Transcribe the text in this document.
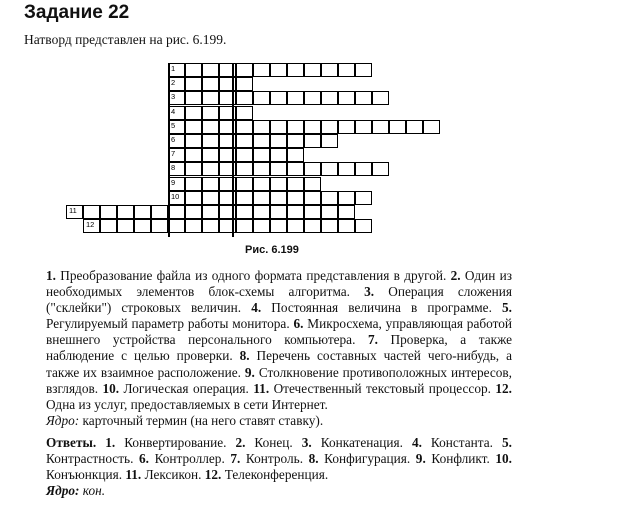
Задание 22
Натворд представлен на рис. 6.199.
1
2
3
4
5
6
7
8
9
10
11
12
Рис. 6.199

1. Преобразование файла из одного формата представления в другой. 2. Один из необходимых элементов блок-схемы алгоритма. 3. Операция сложения ("склейки") строковых величин. 4. Постоянная величина в программе. 5. Регулируемый параметр работы монитора. 6. Микросхема, управляющая работой внешнего устройства персонального компьютера. 7. Проверка, а также наблюдение с целью проверки. 8. Перечень составных частей чего-нибудь, а также их взаимное расположение. 9. Столкновение противоположных интересов, взглядов. 10. Логическая операция. 11. Отечественный текстовый процессор. 12. Одна из услуг, предоставляемых в сети Интернет.

Ядро: карточный термин (на него ставят ставку).

Ответы. 1. Конвертирование. 2. Конец. 3. Конкатенация. 4. Константа. 5. Контрастность. 6. Контроллер. 7. Контроль. 8. Конфигурация. 9. Конфликт. 10. Конъюнкция. 11. Лексикон. 12. Телеконференция.

Ядро: кон.
